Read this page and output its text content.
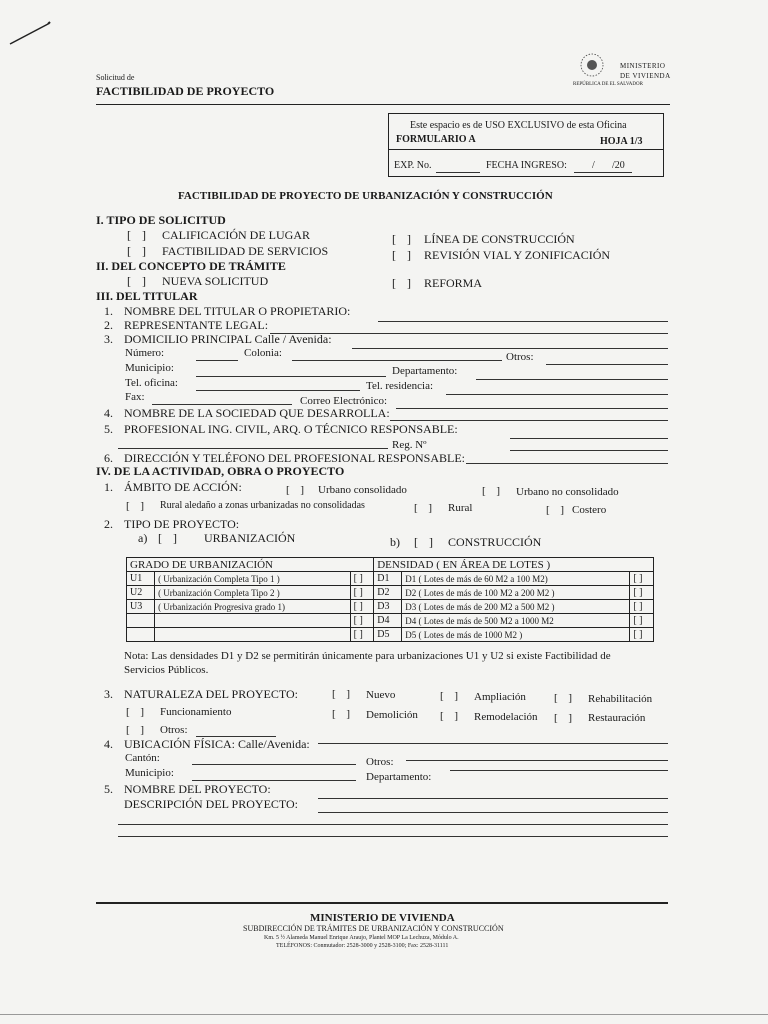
Solicitud de
FACTIBILIDAD DE PROYECTO	REPÚBLICA DE EL SALVADOR
MINISTERIO
DE VIVIENDA
Este espacio es de USO EXCLUSIVO de esta Oficina
FORMULARIO A	HOJA 1/3
EXP. No.	FECHA INGRESO:	/ /20
FACTIBILIDAD DE PROYECTO DE URBANIZACIÓN Y CONSTRUCCIÓN
I. TIPO DE SOLICITUD
[ ] CALIFICACIÓN DE LUGAR
[ ] FACTIBILIDAD DE SERVICIOS
[ ] LÍNEA DE CONSTRUCCIÓN
[ ] REVISIÓN VIAL Y ZONIFICACIÓN
II. DEL CONCEPTO DE TRÁMITE
[ ] NUEVA SOLICITUD	[ ] REFORMA
III. DEL TITULAR
1. NOMBRE DEL TITULAR O PROPIETARIO:
2. REPRESENTANTE LEGAL:
3. DOMICILIO PRINCIPAL Calle / Avenida:
Número:	Colonia:	Otros:
Municipio:	Departamento:
Tel. oficina:	Tel. residencia:
Fax:	Correo Electrónico:
4. NOMBRE DE LA SOCIEDAD QUE DESARROLLA:
5. PROFESIONAL ING. CIVIL, ARQ. O TÉCNICO RESPONSABLE:
Reg. Nº
6. DIRECCIÓN Y TELÉFONO DEL PROFESIONAL RESPONSABLE:
IV. DE LA ACTIVIDAD, OBRA O PROYECTO
1. ÁMBITO DE ACCIÓN:	[ ] Urbano consolidado	[ ] Urbano no consolidado
[ ] Rural aledaño a zonas urbanizadas no consolidadas	[ ] Rural	[ ] Costero
2. TIPO DE PROYECTO:
a) [ ] URBANIZACIÓN	b) [ ] CONSTRUCCIÓN
GRADO DE URBANIZACIÓN			DENSIDAD ( EN ÁREA DE LOTES )		
U1	( Urbanización Completa Tipo 1 )	[ ]	D1	D1 ( Lotes de más de 60 M2 a 100 M2)	[ ]
U2	( Urbanización Completa Tipo 2 )	[ ]	D2	D2 ( Lotes de más de 100 M2 a 200 M2 )	[ ]
U3	( Urbanización Progresiva grado 1)	[ ]	D3	D3 ( Lotes de más de 200 M2 a 500 M2 )	[ ]
		[ ]	D4	D4 ( Lotes de más de 500 M2 a 1000 M2	[ ]
		[ ]	D5	D5 ( Lotes de más de 1000 M2 )	[ ]
Nota: Las densidades D1 y D2 se permitirán únicamente para urbanizaciones U1 y U2 si existe Factibilidad de
Servicios Públicos.
3. NATURALEZA DEL PROYECTO:	[ ] Nuevo	[ ] Ampliación	[ ] Rehabilitación
[ ] Funcionamiento	[ ] Demolición [ ] Remodelación [ ] Restauración
[ ] Otros:
4. UBICACIÓN FÍSICA: Calle/Avenida:
Cantón:	Otros:
Municipio:	Departamento:
5. NOMBRE DEL PROYECTO:
DESCRIPCIÓN DEL PROYECTO:
MINISTERIO DE VIVIENDA
SUBDIRECCIÓN DE TRÁMITES DE URBANIZACIÓN Y CONSTRUCCIÓN
Km. 5 ½ Alameda Manuel Enrique Araujo, Plantel MOP La Lechuza, Módulo A.
TELÉFONOS: Conmutador: 2528-3000 y 2528-3100; Fax: 2528-31111
